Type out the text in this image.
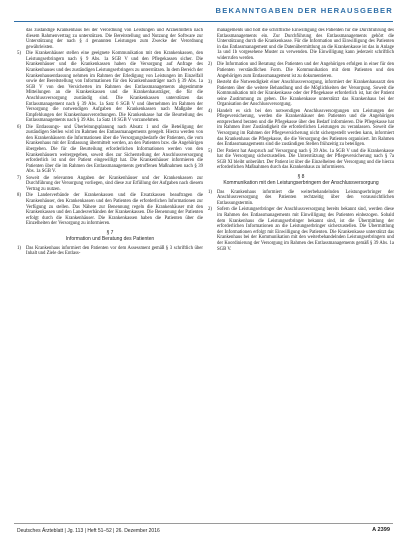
BEKANNTGABEN DER HERAUSGEBER
das zuständige Krankenhaus bei der Verordnung von Leistungen und Arzneimitteln nach diesem Rahmenvertrag zu unterstützen. Die Bereitstellung und Nutzung der Software zur Unterstützung der nach § 4 genannten Leistungen zum Zwecke der Verordnung gewährleisten.
5)	Die Krankenhäuser stellen eine geeignete Kommunikation mit den Krankenkassen, den Leistungserbringern nach § 9 Abs. 1a SGB V und den Pflegekassen sicher. Die Krankenhäuser und die Krankenkassen haben die Versorgung auf Anfrage des Krankenhauses und des zuständigen Leistungserbringers zu unterstützen. In dem Bereich der Krankenhausentlassung nehmen im Rahmen der Erledigung von Leistungen im Einzelfall sowie der Bereitstellung von Informationen für den Krankenhausträger nach § 39 Abs. 1a SGB V von den Versicherten im Rahmen des Entlassmanagements abgestimmte Mitteilungen an die Krankenkassen und die Krankenhausträger, die für die Anschlussversorgung zuständig sind. Die Krankenkassen unterstützen das Entlassmanagement nach § 39 Abs. 1a Satz 6 SGB V und übernehmen im Rahmen der Versorgung die notwendigen Aufgaben der Krankenkassen nach Maßgabe der Empfehlungen der Krankenhausverordnungen. Die Krankenkasse hat die Beurteilung des Entlassmanagements nach § 39 Abs. 1a Satz 10 SGB V vorzunehmen.
6)	Die Entlassungs- und Überleitungsplanung nach Absatz 1 und die Beteiligung der zuständigen Stellen wird im Rahmen des Entlassmanagements geregelt. Hierzu werden von den Krankenhäusern die Informationen über die Versorgungsbedarfe der Patienten, die vom Krankenhaus mit der Entlassung übermittelt werden, an den Patienten bzw. die Angehörigen übergeben. Die für die Beurteilung erforderlichen Informationen werden von den Krankenhäusern weitergegeben, soweit dies zur Sicherstellung der Anschlussversorgung erforderlich ist und der Patient eingewilligt hat. Die Krankenhäuser informieren die Patienten über die im Rahmen des Entlassmanagements getroffenen Maßnahmen nach § 39 Abs. 1a SGB V.
7)	Soweit die relevanten Angaben der Krankenhäuser und der Krankenkassen zur Durchführung der Versorgung vorliegen, sind diese zur Erfüllung der Aufgaben nach diesem Vertrag zu nutzen.
8)	Die Landesverbände der Krankenkassen und die Ersatzkassen beauftragen die Krankenhäuser, den Krankenkassen und den Patienten die erforderlichen Informationen zur Verfügung zu stellen. Das Nähere zur Benennung regeln die Krankenhäuser mit den Krankenkassen und den Landesverbänden der Krankenkassen. Die Benennung der Patienten erfolgt durch die Krankenhäuser. Die Krankenkassen haben die Patienten über die Einzelheiten der Versorgung zu informieren.
§ 7
Information und Beratung des Patienten
1)	Das Krankenhaus informiert den Patienten vor dem Assessment gemäß § 3 schriftlich über Inhalt und Ziele des Entlass-
managements und holt die schriftliche Einwilligung des Patienten für die Durchführung des Entlassmanagements ein. Zur Durchführung des Entlassmanagements gehört die Unterstützung durch die Krankenkasse. Für die Information und Einwilligung des Patienten in das Entlassmanagement und die Datenübermittlung an die Krankenkasse ist das in Anlage 1a und 1b vorgesehene Muster zu verwenden. Die Einwilligung kann jederzeit schriftlich widerrufen werden.
2)	Die Information und Beratung des Patienten und der Angehörigen erfolgen in einer für den Patienten verständlichen Form. Die Kommunikation mit dem Patienten und den Angehörigen zum Entlassmanagement ist zu dokumentieren.
3)	Besteht die Notwendigkeit einer Anschlussversorgung, informiert der Krankenhausarzt den Patienten über die weitere Behandlung und die Möglichkeiten der Versorgung. Soweit die Kommunikation mit der Krankenkasse oder der Pflegekasse erforderlich ist, hat der Patient seine Zustimmung zu geben. Die Krankenkasse unterstützt das Krankenhaus bei der Organisation der Anschlussversorgung.
4)	Handelt es sich bei den notwendigen Anschlussversorgungen um Leistungen der Pflegeversicherung, werden die Krankenhäuser den Patienten und die Angehörigen entsprechend beraten und die Pflegekasse über den Bedarf informieren. Die Pflegekasse hat im Rahmen ihrer Zuständigkeit die erforderlichen Leistungen zu veranlassen. Soweit die Versorgung im Rahmen der Pflegeversicherung nicht sichergestellt werden kann, informiert das Krankenhaus die Pflegekasse, die die Versorgung des Patienten organisiert. Im Rahmen des Entlassmanagements sind die zuständigen Stellen frühzeitig zu beteiligen.
5)	Der Patient hat Anspruch auf Versorgung nach § 39 Abs. 1a SGB V und die Krankenkasse hat die Versorgung sicherzustellen. Die Unterstützung der Pflegeversicherung nach § 7a SGB XI bleibt unberührt. Der Patient ist über die Einzelheiten der Versorgung und die hierzu erforderlichen Maßnahmen durch das Krankenhaus zu informieren.
§ 8
Kommunikation mit den Leistungserbringern der Anschlussversorgung
1)	Das Krankenhaus informiert die weiterbehandelnden Leistungserbringer der Anschlussversorgung des Patienten rechtzeitig über den voraussichtlichen Entlassungstermin.
2)	Sofern die Leistungserbringer der Anschlussversorgung bereits bekannt sind, werden diese im Rahmen des Entlassmanagements mit Einwilligung des Patienten einbezogen. Sobald dem Krankenhaus die Leistungserbringer bekannt sind, ist die Übermittlung der erforderlichen Informationen an die Leistungserbringer sicherzustellen. Die Übermittlung der Informationen erfolgt mit Einwilligung des Patienten. Die Krankenkasse unterstützt das Krankenhaus bei der Kommunikation mit den weiterbehandelnden Leistungserbringern und der Koordinierung der Versorgung im Rahmen des Entlassmanagements gemäß § 39 Abs. 1a SGB V.
Deutsches Ärzteblatt | Jg. 113 | Heft 51–52 | 26. Dezember 2016	A 2399
